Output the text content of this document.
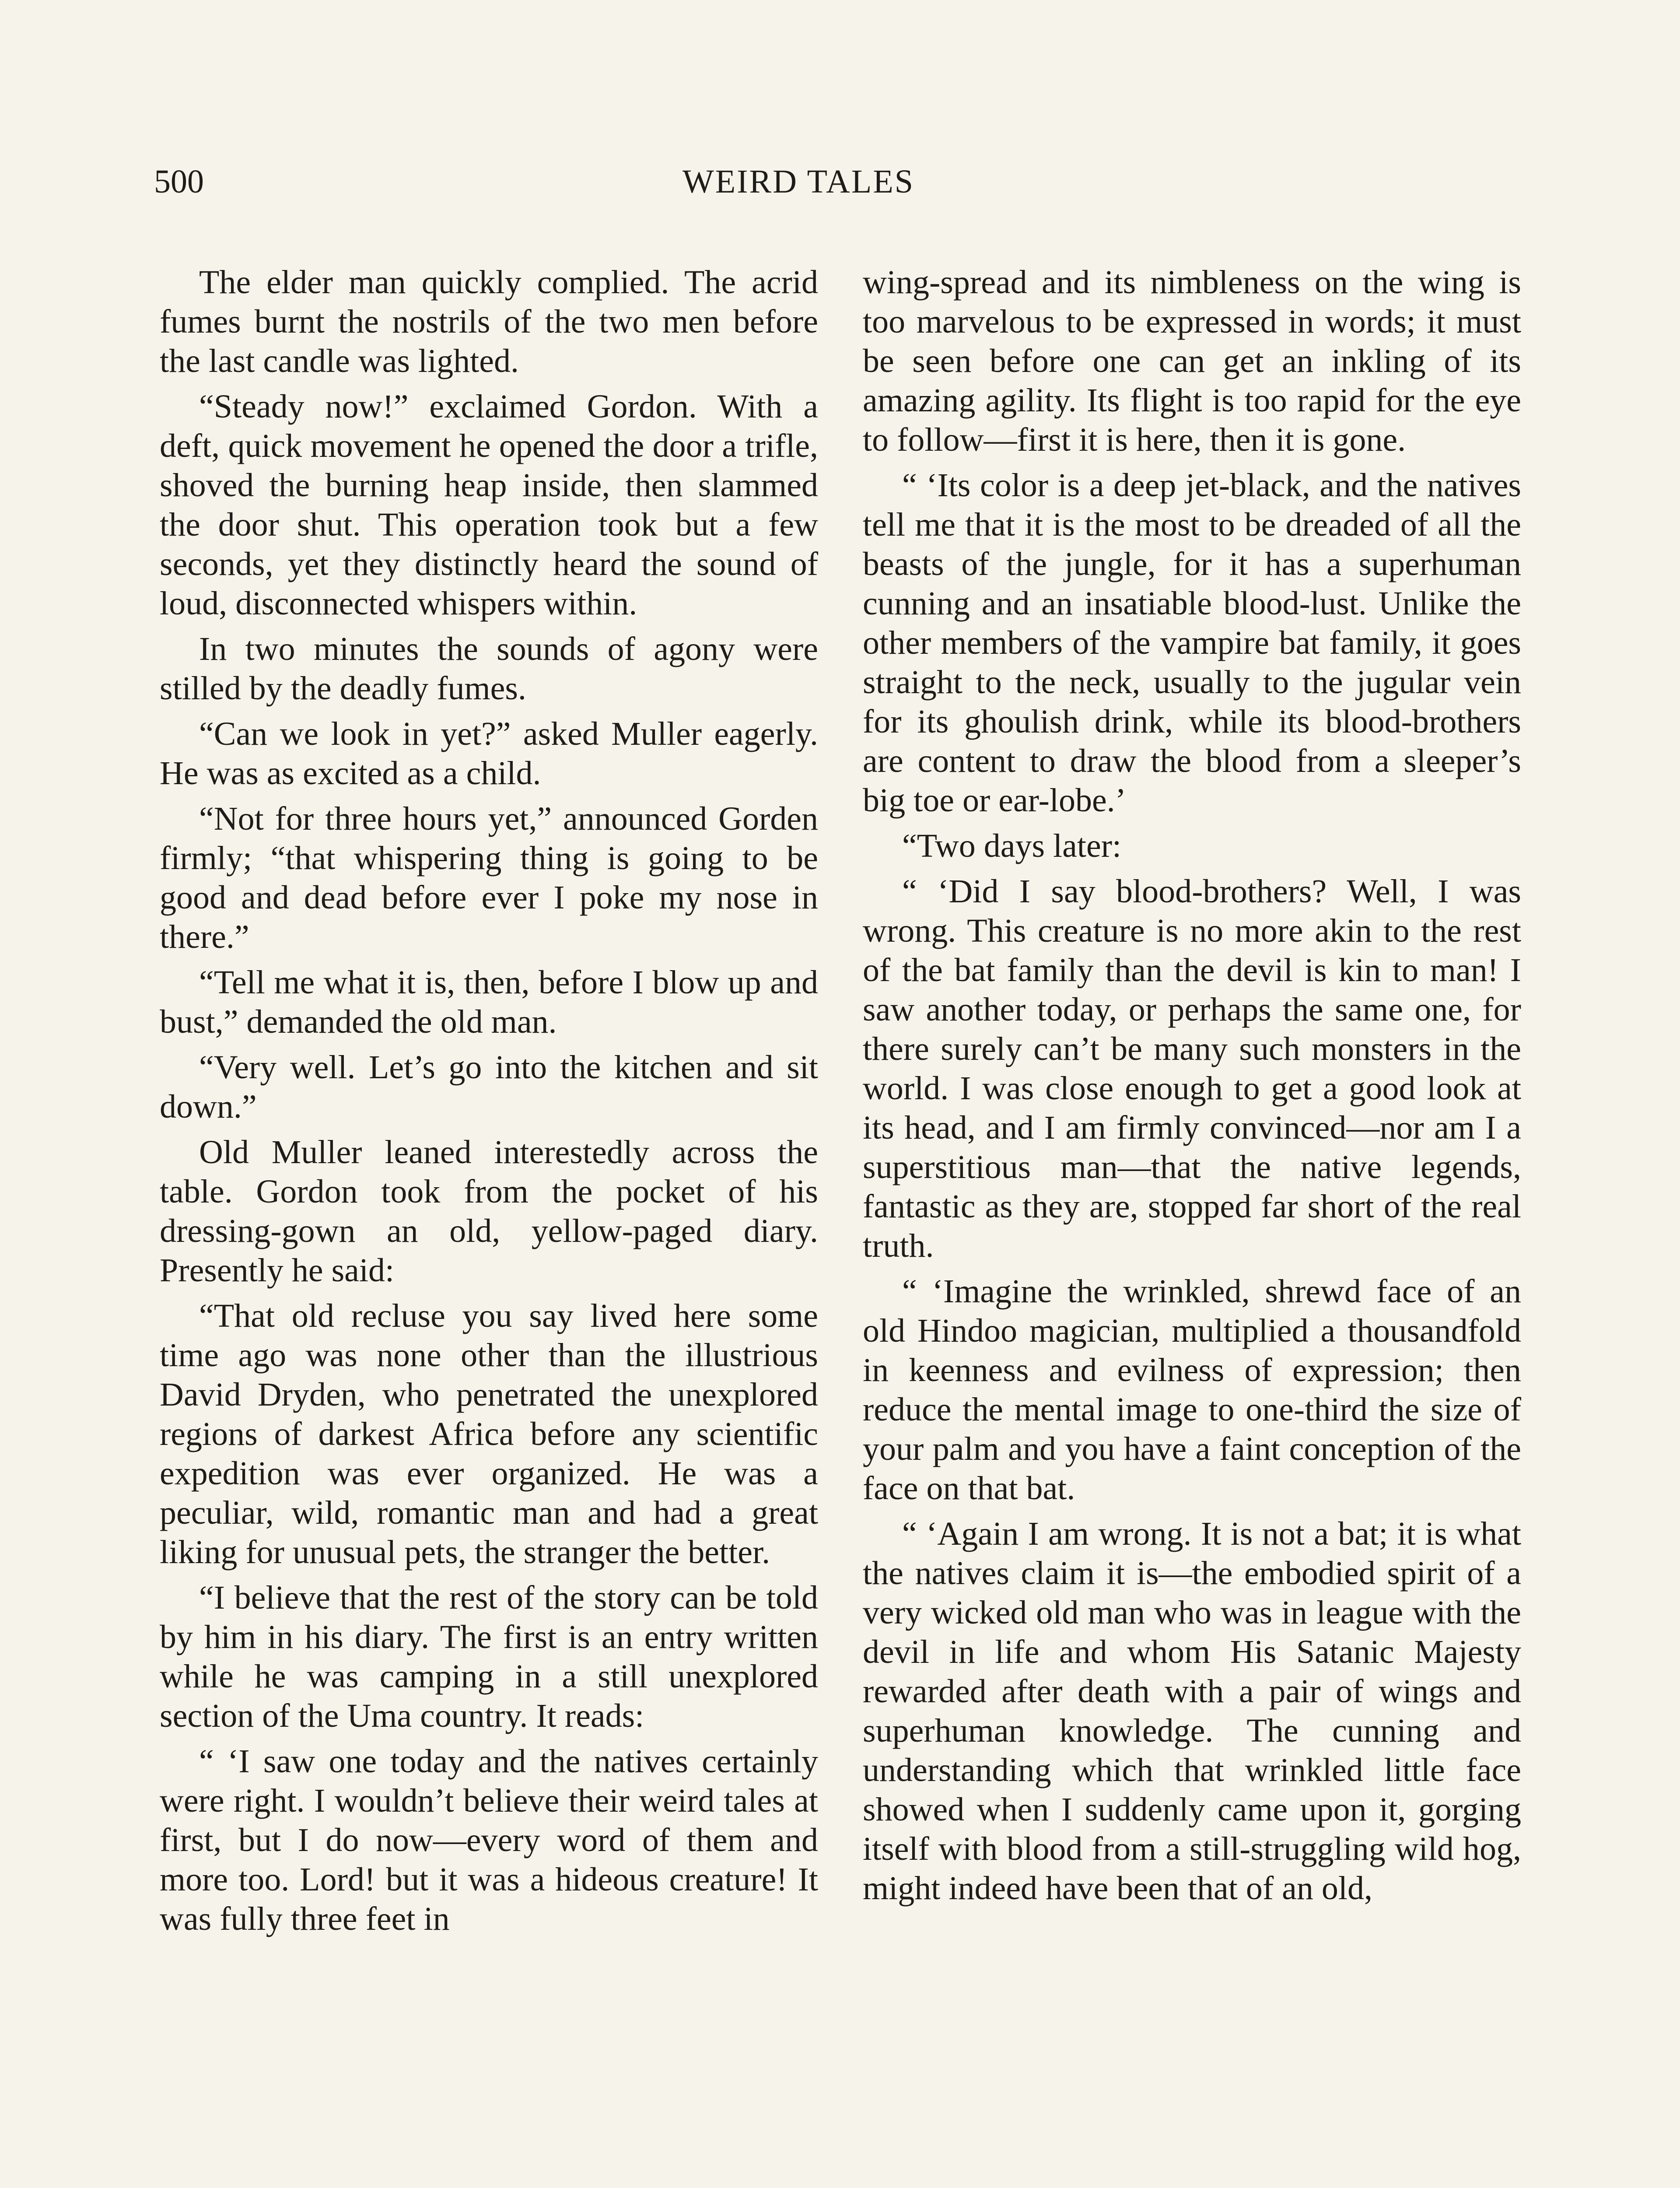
500	WEIRD TALES

The elder man quickly complied. The acrid fumes burnt the nostrils of the two men before the last candle was lighted.

“Steady now!” exclaimed Gordon. With a deft, quick movement he opened the door a trifle, shoved the burning heap inside, then slammed the door shut. This operation took but a few seconds, yet they distinctly heard the sound of loud, disconnected whispers within.

In two minutes the sounds of agony were stilled by the deadly fumes.

“Can we look in yet?” asked Muller eagerly. He was as excited as a child.

“Not for three hours yet,” announced Gorden firmly; “that whispering thing is going to be good and dead before ever I poke my nose in there.”

“Tell me what it is, then, before I blow up and bust,” demanded the old man.

“Very well. Let’s go into the kitchen and sit down.”

Old Muller leaned interestedly across the table. Gordon took from the pocket of his dressing-gown an old, yellow-paged diary. Presently he said:

“That old recluse you say lived here some time ago was none other than the illustrious David Dryden, who penetrated the unexplored regions of darkest Africa before any scientific expedition was ever organized. He was a peculiar, wild, romantic man and had a great liking for unusual pets, the stranger the better.

“I believe that the rest of the story can be told by him in his diary. The first is an entry written while he was camping in a still unexplored section of the Uma country. It reads:

“ ‘I saw one today and the natives certainly were right. I wouldn’t believe their weird tales at first, but I do now—every word of them and more too. Lord! but it was a hideous creature! It was fully three feet in

wing-spread and its nimbleness on the wing is too marvelous to be expressed in words; it must be seen before one can get an inkling of its amazing agility. Its flight is too rapid for the eye to follow—first it is here, then it is gone.

“ ‘Its color is a deep jet-black, and the natives tell me that it is the most to be dreaded of all the beasts of the jungle, for it has a superhuman cunning and an insatiable blood-lust. Unlike the other members of the vampire bat family, it goes straight to the neck, usually to the jugular vein for its ghoulish drink, while its blood-brothers are content to draw the blood from a sleeper’s big toe or ear-lobe.’

“Two days later:

“ ‘Did I say blood-brothers? Well, I was wrong. This creature is no more akin to the rest of the bat family than the devil is kin to man! I saw another today, or perhaps the same one, for there surely can’t be many such monsters in the world. I was close enough to get a good look at its head, and I am firmly convinced—nor am I a superstitious man—that the native legends, fantastic as they are, stopped far short of the real truth.

“ ‘Imagine the wrinkled, shrewd face of an old Hindoo magician, multiplied a thousandfold in keenness and evilness of expression; then reduce the mental image to one-third the size of your palm and you have a faint conception of the face on that bat.

“ ‘Again I am wrong. It is not a bat; it is what the natives claim it is—the embodied spirit of a very wicked old man who was in league with the devil in life and whom His Satanic Majesty rewarded after death with a pair of wings and superhuman knowledge. The cunning and understanding which that wrinkled little face showed when I suddenly came upon it, gorging itself with blood from a still-struggling wild hog, might indeed have been that of an old,
